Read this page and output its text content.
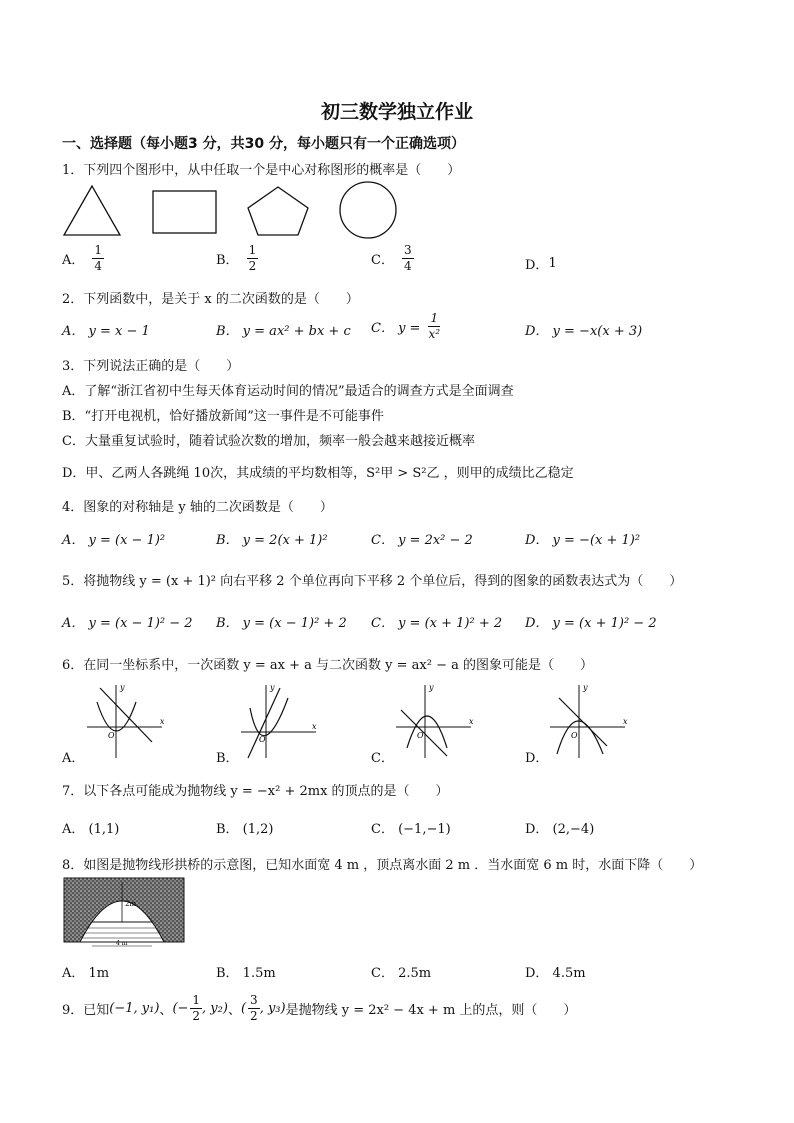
初三数学独立作业
一、选择题（每小题3 分，共30 分，每小题只有一个正确选项）
1．下列四个图形中，从中任取一个是中心对称图形的概率是（　　）
A． $\frac{1}{4}$	B． $\frac{1}{2}$	C． $\frac{3}{4}$	D． 1
2．下列函数中，是关于 x 的二次函数的是（　　）
A． y = x − 1	B． y = ax² + bx + c C． $y = \frac{1}{\text{x²}}$	D． y = −x(x + 3)
3．下列说法正确的是（　　）
A．了解“浙江省初中生每天体育运动时间的情况”最适合的调查方式是全面调查
B．“打开电视机，恰好播放新闻”这一事件是不可能事件
C．大量重复试验时，随着试验次数的增加，频率一般会越来越接近概率
D．甲、乙两人各跳绳 10次，其成绩的平均数相等，S²甲 > S²乙 ，则甲的成绩比乙稳定
4．图象的对称轴是 y 轴的二次函数是（　　）
A． y = (x − 1)²	B． y = 2(x + 1)²	C． y = 2x² − 2	D． y = −(x + 1)²
5．将抛物线 y = (x + 1)² 向右平移 2 个单位再向下平移 2 个单位后，得到的图象的函数表达式为（　　）
A． y = (x − 1)² − 2 B． y = (x − 1)² + 2 C． y = (x + 1)² + 2 D． y = (x + 1)² − 2
6．在同一坐标系中，一次函数 y = ax + a 与二次函数 y = ax² − a 的图象可能是（　　）
y
x
O
A．
y
x
O
B．
y
x
O
C．
y
x
O
D．
7．以下各点可能成为抛物线 y = −x² + 2mx 的顶点的是（　　）
A． (1,1)	B． (1,2)	C． (−1,−1)	D． (2,−4)
8．如图是抛物线形拱桥的示意图，已知水面宽 4 m ，顶点离水面 2 m ．当水面宽 6 m 时，水面下降（　　）
2m
4 m
A． 1m	B． 1.5m	C． 2.5m	D． 4.5m
9．已知 (−1, y₁) 、 (− $\frac{1}{2}$ , y₂) 、 ( $\frac{3}{2}$ , y₃) 是抛物线 y = 2x² − 4x + m 上的点，则（　　）
